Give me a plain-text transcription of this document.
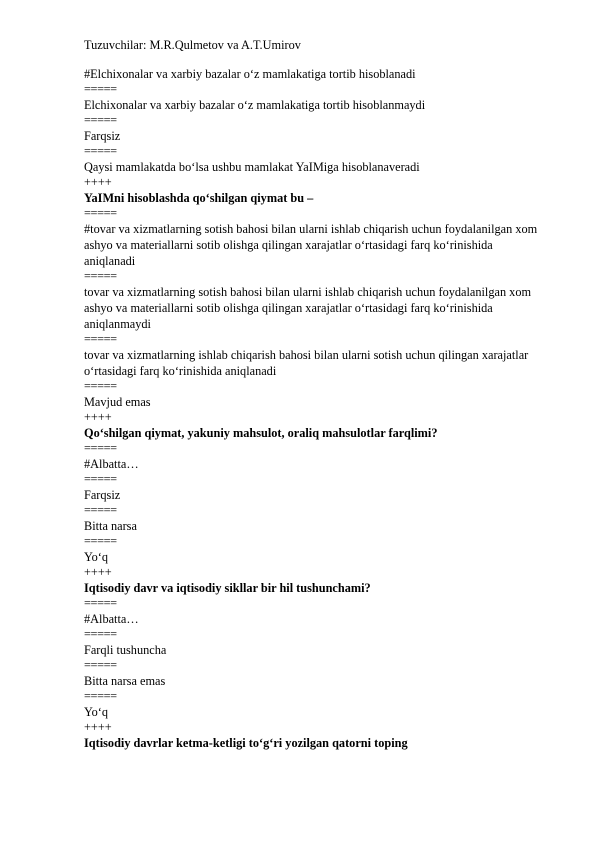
Tuzuvchilar: M.R.Qulmetov va A.T.Umirov

#Elchixonalar va xarbiy bazalar o‘z mamlakatiga tortib hisoblanadi

=====

Elchixonalar va xarbiy bazalar o‘z mamlakatiga tortib hisoblanmaydi

=====

Farqsiz

=====

Qaysi mamlakatda bo‘lsa ushbu mamlakat YaIMiga hisoblanaveradi

++++

YaIMni hisoblashda qo‘shilgan qiymat bu –

=====

#tovar va xizmatlarning sotish bahosi bilan ularni ishlab chiqarish uchun foydalanilgan xom ashyo va materiallarni sotib olishga qilingan xarajatlar o‘rtasidagi farq ko‘rinishida aniqlanadi

=====

tovar va xizmatlarning sotish bahosi bilan ularni ishlab chiqarish uchun foydalanilgan xom ashyo va materiallarni sotib olishga qilingan xarajatlar o‘rtasidagi farq ko‘rinishida aniqlanmaydi

=====

tovar va xizmatlarning ishlab chiqarish bahosi bilan ularni sotish uchun qilingan xarajatlar o‘rtasidagi farq ko‘rinishida aniqlanadi

=====

Mavjud emas

++++

Qo‘shilgan qiymat, yakuniy mahsulot, oraliq mahsulotlar farqlimi?

=====

#Albatta…

=====

Farqsiz

=====

Bitta narsa

=====

Yo‘q

++++

Iqtisodiy davr va iqtisodiy sikllar bir hil tushunchami?

=====

#Albatta…

=====

Farqli tushuncha

=====

Bitta narsa emas

=====

Yo‘q

++++

Iqtisodiy davrlar ketma-ketligi to‘g‘ri yozilgan qatorni toping
